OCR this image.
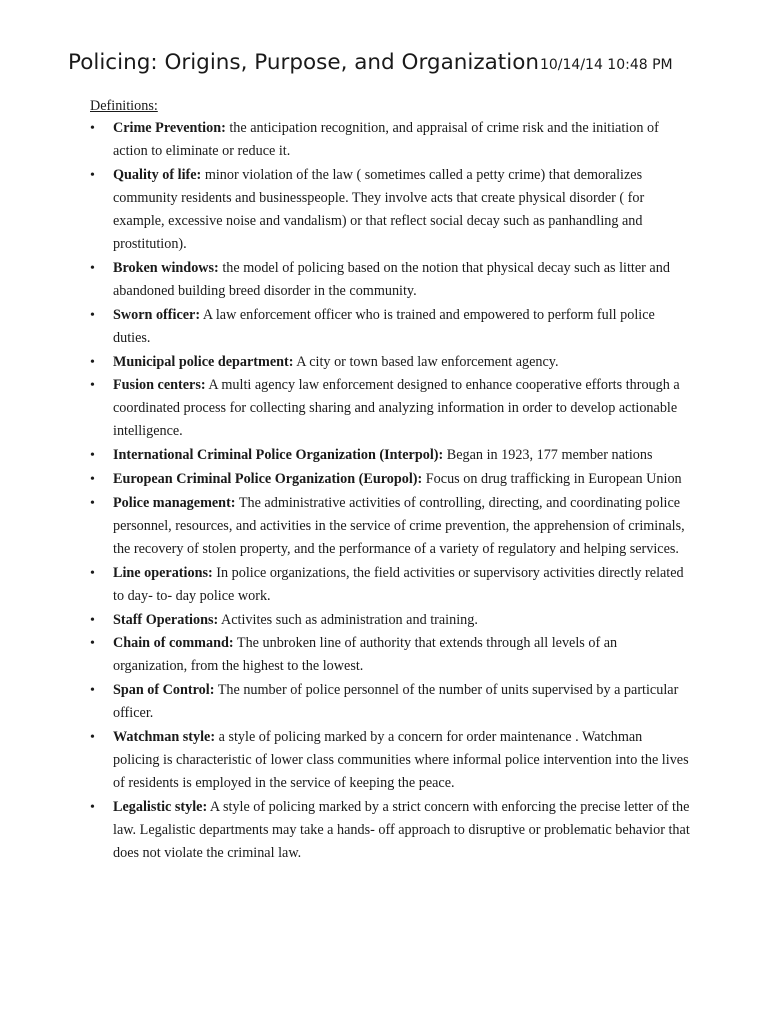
Policing: Origins, Purpose, and Organization10/14/14 10:48 PM
Definitions:
• Crime Prevention: the anticipation recognition, and appraisal of crime risk and the initiation of action to eliminate or reduce it.
• Quality of life: minor violation of the law ( sometimes called a petty crime) that demoralizes community residents and businesspeople. They involve acts that create physical disorder ( for example, excessive noise and vandalism) or that reflect social decay such as panhandling and prostitution).
• Broken windows: the model of policing based on the notion that physical decay such as litter and abandoned building breed disorder in the community.
• Sworn officer: A law enforcement officer who is trained and empowered to perform full police duties.
• Municipal police department: A city or town based law enforcement agency.
• Fusion centers: A multi agency law enforcement designed to enhance cooperative efforts through a coordinated process for collecting sharing and analyzing information in order to develop actionable intelligence.
• International Criminal Police Organization (Interpol): Began in 1923, 177 member nations
• European Criminal Police Organization (Europol): Focus on drug trafficking in European Union
• Police management: The administrative activities of controlling, directing, and coordinating police personnel, resources, and activities in the service of crime prevention, the apprehension of criminals, the recovery of stolen property, and the performance of a variety of regulatory and helping services.
• Line operations: In police organizations, the field activities or supervisory activities directly related to day- to- day police work.
• Staff Operations: Activites such as administration and training.
• Chain of command: The unbroken line of authority that extends through all levels of an organization, from the highest to the lowest.
• Span of Control: The number of police personnel of the number of units supervised by a particular officer.
• Watchman style: a style of policing marked by a concern for order maintenance . Watchman policing is characteristic of lower class communities where informal police intervention into the lives of residents is employed in the service of keeping the peace.
• Legalistic style: A style of policing marked by a strict concern with enforcing the precise letter of the law. Legalistic departments may take a hands- off approach to disruptive or problematic behavior that does not violate the criminal law.
